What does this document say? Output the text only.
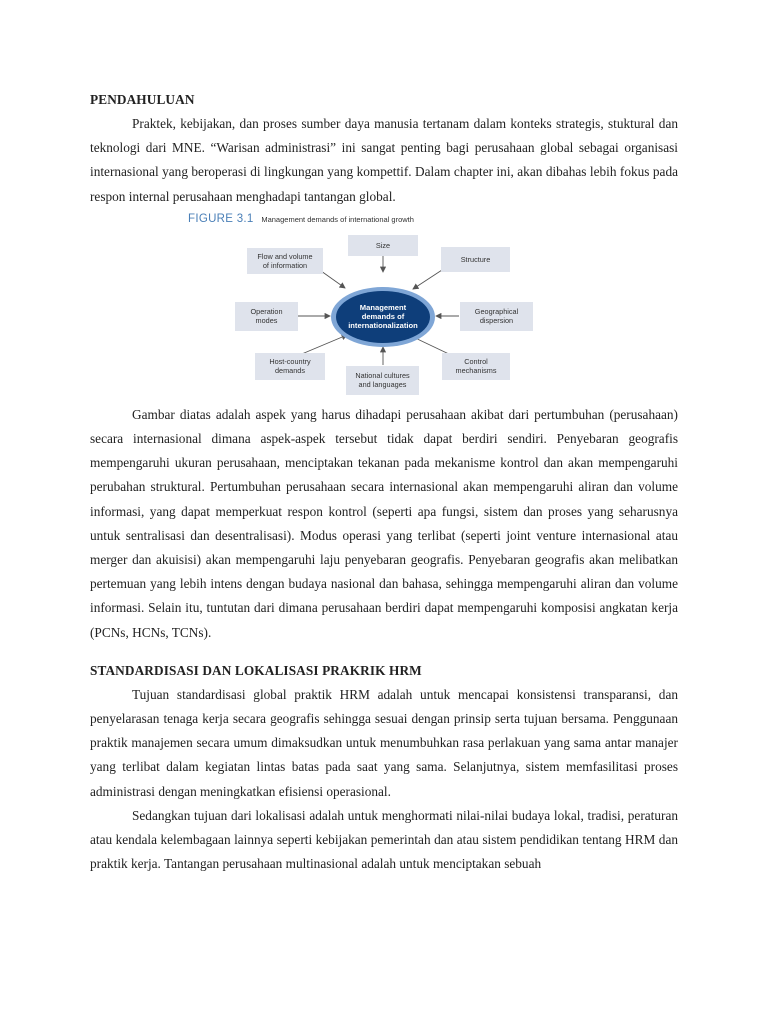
PENDAHULUAN

Praktek, kebijakan, dan proses sumber daya manusia tertanam dalam konteks strategis, stuktural dan teknologi dari MNE. “Warisan administrasi” ini sangat penting bagi perusahaan global sebagai organisasi internasional yang beroperasi di lingkungan yang kompettif. Dalam chapter ini, akan dibahas lebih fokus pada respon internal perusahaan menghadapi tantangan global.

FIGURE 3.1 Management demands of international growth
Management
demands of
internationalization
Size
Structure
Flow and volume
of information
Geographical
dispersion
Operation
modes
Control
mechanisms
Host-country
demands
National cultures
and languages

Gambar diatas adalah aspek yang harus dihadapi perusahaan akibat dari pertumbuhan (perusahaan) secara internasional dimana aspek-aspek tersebut tidak dapat berdiri sendiri. Penyebaran geografis mempengaruhi ukuran perusahaan, menciptakan tekanan pada mekanisme kontrol dan akan mempengaruhi perubahan struktural. Pertumbuhan perusahaan secara internasional akan mempengaruhi aliran dan volume informasi, yang dapat memperkuat respon kontrol (seperti apa fungsi, sistem dan proses yang seharusnya untuk sentralisasi dan desentralisasi). Modus operasi yang terlibat (seperti joint venture internasional atau merger dan akuisisi) akan mempengaruhi laju penyebaran geografis. Penyebaran geografis akan melibatkan pertemuan yang lebih intens dengan budaya nasional dan bahasa, sehingga mempengaruhi aliran dan volume informasi. Selain itu, tuntutan dari dimana perusahaan berdiri dapat mempengaruhi komposisi angkatan kerja (PCNs, HCNs, TCNs).

STANDARDISASI DAN LOKALISASI PRAKRIK HRM

Tujuan standardisasi global praktik HRM adalah untuk mencapai konsistensi transparansi, dan penyelarasan tenaga kerja secara geografis sehingga sesuai dengan prinsip serta tujuan bersama. Penggunaan praktik manajemen secara umum dimaksudkan untuk menumbuhkan rasa perlakuan yang sama antar manajer yang terlibat dalam kegiatan lintas batas pada saat yang sama. Selanjutnya, sistem memfasilitasi proses administrasi dengan meningkatkan efisiensi operasional.

Sedangkan tujuan dari lokalisasi adalah untuk menghormati nilai-nilai budaya lokal, tradisi, peraturan atau kendala kelembagaan lainnya seperti kebijakan pemerintah dan atau sistem pendidikan tentang HRM dan praktik kerja. Tantangan perusahaan multinasional adalah untuk menciptakan sebuah
